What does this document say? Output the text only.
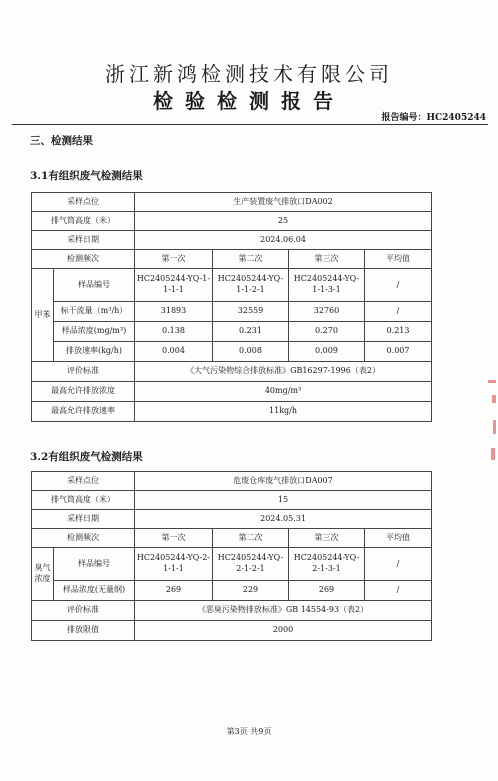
浙江新鸿检测技术有限公司
检验检测报告
报告编号：HC2405244
三、检测结果
3.1有组织废气检测结果
采样点位		生产装置废气排放口DA002			
排气筒高度（米）		25			
采样日期		2024.06.04			
检测频次		第一次	第二次	第三次	平均值
甲苯	样品编号	HC2405244-YQ-1-1-1-1	HC2405244-YQ-1-1-2-1	HC2405244-YQ-1-1-3-1	/
	标干流量（m³/h）	31893	32559	32760	/
	样品浓度(mg/m³)	0.138	0.231	0.270	0.213
	排放速率(kg/h)	0.004	0.008	0.009	0.007
评价标准		《大气污染物综合排放标准》GB16297-1996（表2）			
最高允许排放浓度		40mg/m³			
最高允许排放速率		11kg/h			
3.2有组织废气检测结果
采样点位		危废仓库废气排放口DA007			
排气筒高度（米）		15			
采样日期		2024.05.31			
检测频次		第一次	第二次	第三次	平均值
臭气浓度	样品编号	HC2405244-YQ-2-1-1-1	HC2405244-YQ-2-1-2-1	HC2405244-YQ-2-1-3-1	/
	样品浓度(无量纲)	269	229	269	/
评价标准		《恶臭污染物排放标准》GB 14554-93（表2）			
排放限值		2000			
第3页 共9页
